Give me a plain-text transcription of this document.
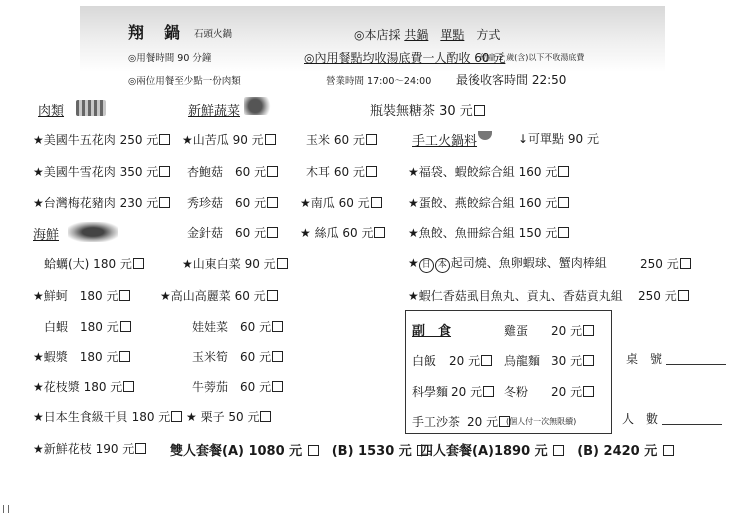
翔　鍋 石頭火鍋	◎本店採 共鍋　 單點　 方式
◎用餐時間 90 分鐘	◎內用餐點均收湯底費一人酌收 60 元
幼童 2 歲(含)以下不收湯底費
◎兩位用餐至少點一份肉類	營業時間 17:00～24:00 最後收客時間 22:50
肉類	新鮮蔬菜	瓶裝無糖茶 30 元
★美國牛五花肉 250 元
★美國牛雪花肉 350 元
★台灣梅花豬肉 230 元
海鮮
蛤蠣(大) 180 元
★鮮蚵　180 元
白蝦　180 元
★蝦漿　180 元
★花枝漿 180 元
★日本生食級干貝 180 元
★新鮮花枝 190 元
★山苦瓜 90 元
杏鮑菇　60 元
秀珍菇　60 元
金針菇　60 元
★山東白菜 90 元
★高山高麗菜 60 元
娃娃菜　60 元
玉米筍　60 元
牛蒡茄　60 元
★ 栗子 50 元
玉米 60 元
木耳 60 元
★南瓜 60 元
★ 絲瓜 60 元
手工火鍋料	↓可單點 90 元
★福袋、蝦餃綜合組 160 元
★蛋餃、燕餃綜合組 160 元
★魚餃、魚冊綜合組 150 元
★ 日 本 起司燒、魚卵蝦球、蟹肉棒組	250 元
★蝦仁香菇虱目魚丸、貢丸、香菇貢丸組 250 元
副　食	雞蛋 20 元
白飯 20 元	烏龍麵 30 元
科學麵 20 元	冬粉 20 元
手工沙茶 20 元 (個人付一次無限續)
桌　號
人　數
雙人套餐(A) 1080 元 　 (B) 1530 元 四人套餐(A)1890 元 　 (B) 2420 元
| |
